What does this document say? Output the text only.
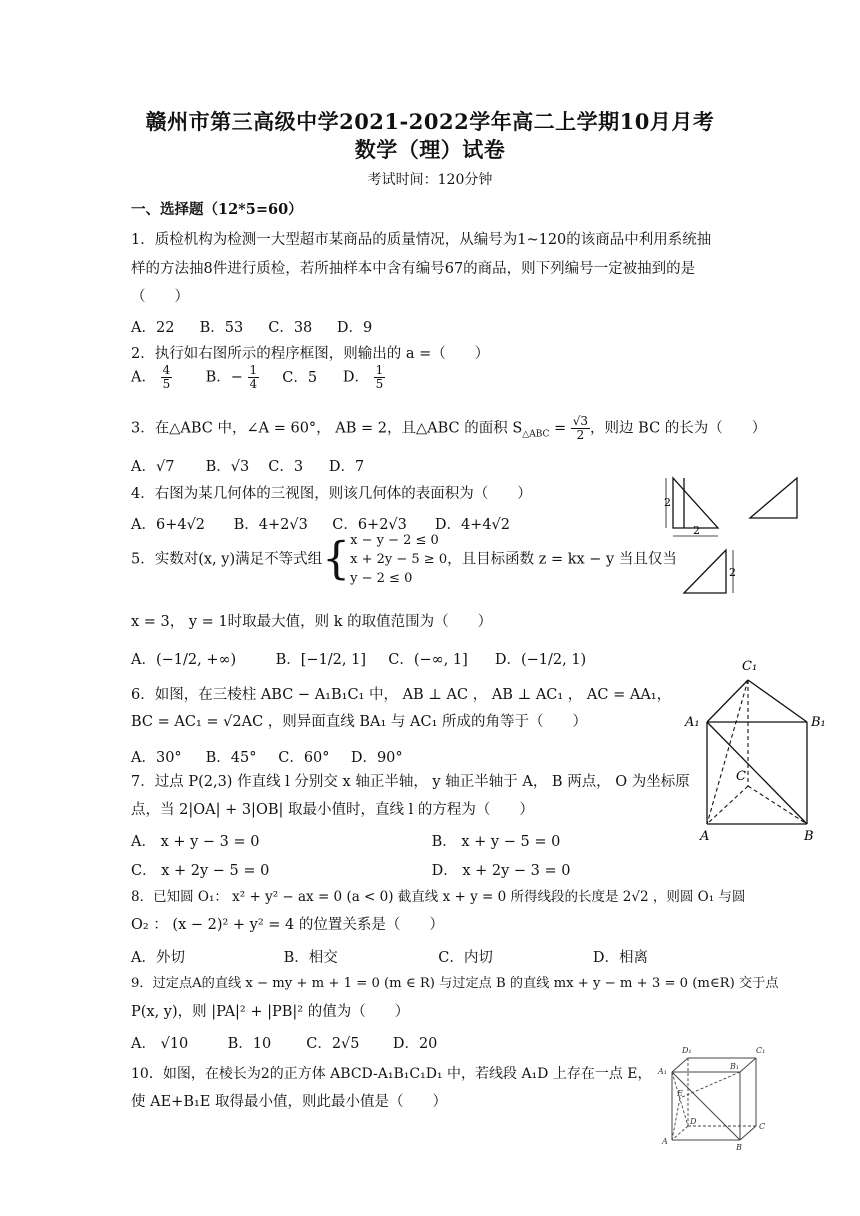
赣州市第三高级中学2021-2022学年高二上学期10月月考
数学（理）试卷
考试时间：120分钟
一、选择题（12*5=60）
1．质检机构为检测一大型超市某商品的质量情况，从编号为1~120的该商品中利用系统抽
样的方法抽8件进行质检，若所抽样本中含有编号67的商品，则下列编号一定被抽到的是
（　　）
A．22 B．53 C．38 D．9
2．执行如右图所示的程序框图，则输出的 a =（　　）
A． $\frac{4}{5}$ B．− $\frac{1}{4}$ C．5 D． $\frac{1}{5}$
3．在△ABC 中，∠A = 60°， AB = 2，且△ABC 的面积 $S_{\triangle ABC} = \frac{√3}{2}$ ，则边 BC 的长为（　　）
A．√7 B．√3 C．3 D．7
4．右图为某几何体的三视图，则该几何体的表面积为（　　）
A．6+4√2 B．4+2√3 C．6+2√3 D．4+4√2
2
2
2
5．实数对(x, y)满足不等式组{ x − y − 2 ≤ 0
x + 2y − 5 ≥ 0
y − 2 ≤ 0
，且目标函数 z = kx − y 当且仅当
x = 3， y = 1时取最大值，则 k 的取值范围为（　　）
A．(−1/2, +∞)	B．[−1/2, 1] C．(−∞, 1] D．(−1/2, 1)
6．如图，在三棱柱 ABC − A₁B₁C₁ 中， AB ⊥ AC ， AB ⊥ AC₁ ， AC = AA₁，
BC = AC₁ = √2AC ，则异面直线 BA₁ 与 AC₁ 所成的角等于（　　）
A．30° B．45° C．60° D．90°
C₁
A₁	B₁
C
A	B
7．过点 P(2,3) 作直线 l 分别交 x 轴正半轴， y 轴正半轴于 A， B 两点， O 为坐标原
点，当 2|OA| + 3|OB| 取最小值时，直线 l 的方程为（　　）
A． x + y − 3 = 0	B． x + y − 5 = 0
C． x + 2y − 5 = 0	D． x + 2y − 3 = 0
8．已知圆 O₁： x² + y² − ax = 0 (a < 0) 截直线 x + y = 0 所得线段的长度是 2√2 ，则圆 O₁ 与圆
O₂ ： (x − 2)² + y² = 4 的位置关系是（　　）
A．外切	B．相交	C．内切	D．相离
9．过定点A的直线 x − my + m + 1 = 0 (m ∈ R) 与过定点 B 的直线 mx + y − m + 3 = 0 (m∈R) 交于点
P(x, y)，则 |PA|² + |PB|² 的值为（　　）
A． √10	B．10 C．2√5 D．20
10．如图，在棱长为2的正方体 ABCD-A₁B₁C₁D₁ 中，若线段 A₁D 上存在一点 E，
使 AE+B₁E 取得最小值，则此最小值是（　　）
D₁	C₁
A₁
B₁
E
D
C
A
B
